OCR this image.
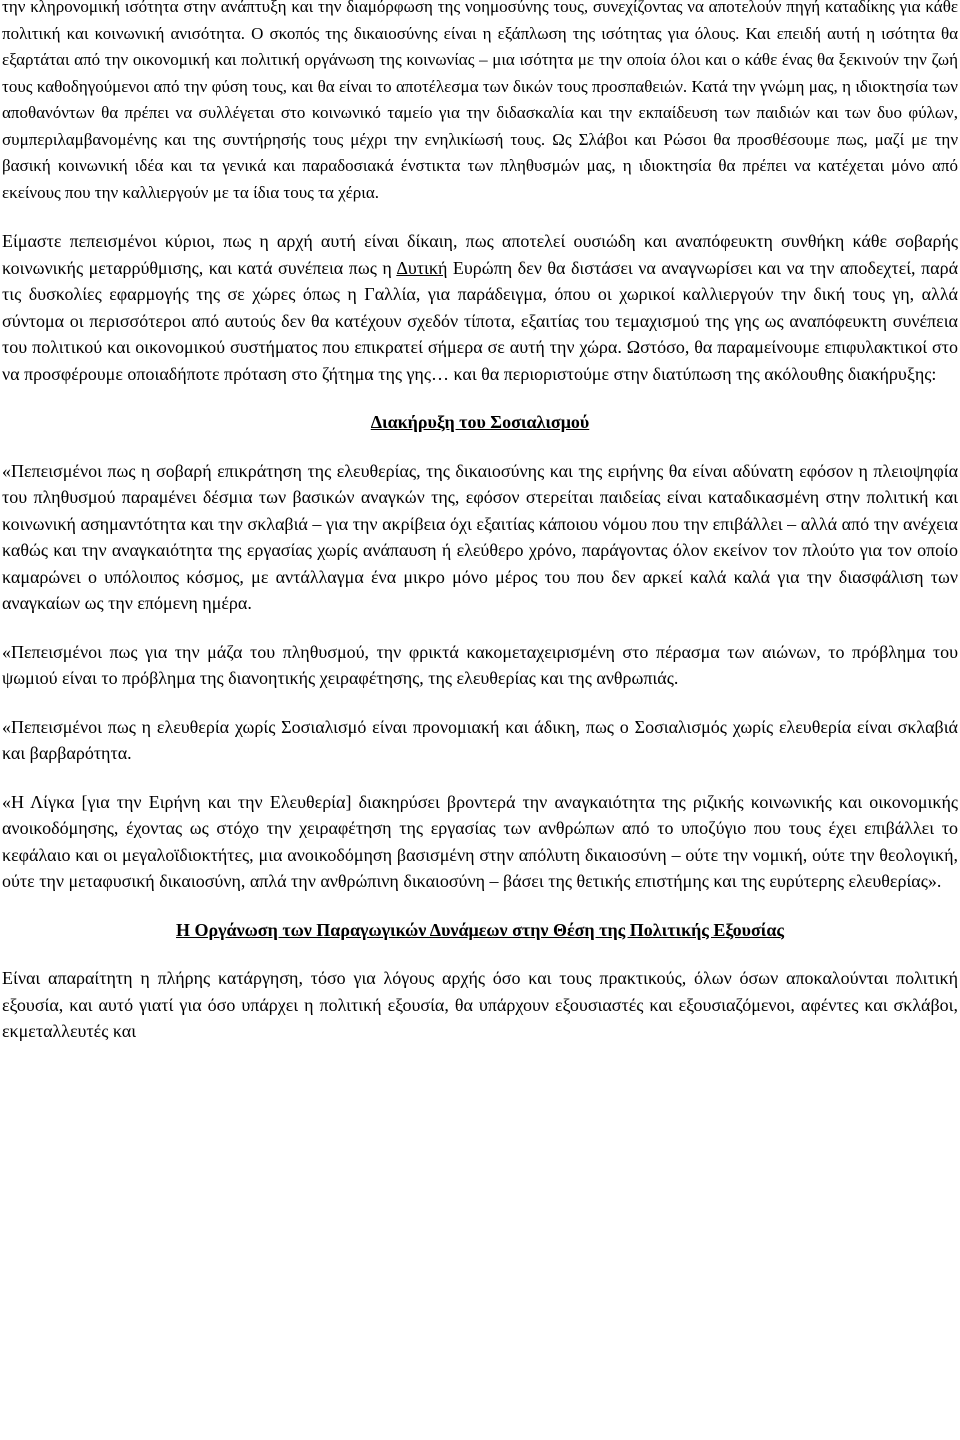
την κληρονομική ισότητα στην ανάπτυξη και την διαμόρφωση της νοημοσύνης τους, συνεχίζοντας να αποτελούν πηγή καταδίκης για κάθε πολιτική και κοινωνική ανισότητα. Ο σκοπός της δικαιοσύνης είναι η εξάπλωση της ισότητας για όλους. Και επειδή αυτή η ισότητα θα εξαρτάται από την οικονομική και πολιτική οργάνωση της κοινωνίας – μια ισότητα με την οποία όλοι και ο κάθε ένας θα ξεκινούν την ζωή τους καθοδηγούμενοι από την φύση τους, και θα είναι το αποτέλεσμα των δικών τους προσπαθειών. Κατά την γνώμη μας, η ιδιοκτησία των αποθανόντων θα πρέπει να συλλέγεται στο κοινωνικό ταμείο για την διδασκαλία και την εκπαίδευση των παιδιών και των δυο φύλων, συμπεριλαμβανομένης και της συντήρησής τους μέχρι την ενηλικίωσή τους. Ως Σλάβοι και Ρώσοι θα προσθέσουμε πως, μαζί με την βασική κοινωνική ιδέα και τα γενικά και παραδοσιακά ένστικτα των πληθυσμών μας, η ιδιοκτησία θα πρέπει να κατέχεται μόνο από εκείνους που την καλλιεργούν με τα ίδια τους τα χέρια.

Είμαστε πεπεισμένοι κύριοι, πως η αρχή αυτή είναι δίκαιη, πως αποτελεί ουσιώδη και αναπόφευκτη συνθήκη κάθε σοβαρής κοινωνικής μεταρρύθμισης, και κατά συνέπεια πως η Δυτική Ευρώπη δεν θα διστάσει να αναγνωρίσει και να την αποδεχτεί, παρά τις δυσκολίες εφαρμογής της σε χώρες όπως η Γαλλία, για παράδειγμα, όπου οι χωρικοί καλλιεργούν την δική τους γη, αλλά σύντομα οι περισσότεροι από αυτούς δεν θα κατέχουν σχεδόν τίποτα, εξαιτίας του τεμαχισμού της γης ως αναπόφευκτη συνέπεια του πολιτικού και οικονομικού συστήματος που επικρατεί σήμερα σε αυτή την χώρα. Ωστόσο, θα παραμείνουμε επιφυλακτικοί στο να προσφέρουμε οποιαδήποτε πρόταση στο ζήτημα της γης… και θα περιοριστούμε στην διατύπωση της ακόλουθης διακήρυξης:

Διακήρυξη του Σοσιαλισμού

«Πεπεισμένοι πως η σοβαρή επικράτηση της ελευθερίας, της δικαιοσύνης και της ειρήνης θα είναι αδύνατη εφόσον η πλειοψηφία του πληθυσμού παραμένει δέσμια των βασικών αναγκών της, εφόσον στερείται παιδείας είναι καταδικασμένη στην πολιτική και κοινωνική ασημαντότητα και την σκλαβιά – για την ακρίβεια όχι εξαιτίας κάποιου νόμου που την επιβάλλει – αλλά από την ανέχεια καθώς και την αναγκαιότητα της εργασίας χωρίς ανάπαυση ή ελεύθερο χρόνο, παράγοντας όλον εκείνον τον πλούτο για τον οποίο καμαρώνει ο υπόλοιπος κόσμος, με αντάλλαγμα ένα μικρο μόνο μέρος του που δεν αρκεί καλά καλά για την διασφάλιση των αναγκαίων ως την επόμενη ημέρα.

«Πεπεισμένοι πως για την μάζα του πληθυσμού, την φρικτά κακομεταχειρισμένη στο πέρασμα των αιώνων, το πρόβλημα του ψωμιού είναι το πρόβλημα της διανοητικής χειραφέτησης, της ελευθερίας και της ανθρωπιάς.

«Πεπεισμένοι πως η ελευθερία χωρίς Σοσιαλισμό είναι προνομιακή και άδικη, πως ο Σοσιαλισμός χωρίς ελευθερία είναι σκλαβιά και βαρβαρότητα.

«Η Λίγκα [για την Ειρήνη και την Ελευθερία] διακηρύσει βροντερά την αναγκαιότητα της ριζικής κοινωνικής και οικονομικής ανοικοδόμησης, έχοντας ως στόχο την χειραφέτηση της εργασίας των ανθρώπων από το υποζύγιο που τους έχει επιβάλλει το κεφάλαιο και οι μεγαλοϊδιοκτήτες, μια ανοικοδόμηση βασισμένη στην απόλυτη δικαιοσύνη – ούτε την νομική, ούτε την θεολογική, ούτε την μεταφυσική δικαιοσύνη, απλά την ανθρώπινη δικαιοσύνη – βάσει της θετικής επιστήμης και της ευρύτερης ελευθερίας».

Η Οργάνωση των Παραγωγικών Δυνάμεων στην Θέση της Πολιτικής Εξουσίας

Είναι απαραίτητη η πλήρης κατάργηση, τόσο για λόγους αρχής όσο και τους πρακτικούς, όλων όσων αποκαλούνται πολιτική εξουσία, και αυτό γιατί για όσο υπάρχει η πολιτική εξουσία, θα υπάρχουν εξουσιαστές και εξουσιαζόμενοι, αφέντες και σκλάβοι, εκμεταλλευτές και
